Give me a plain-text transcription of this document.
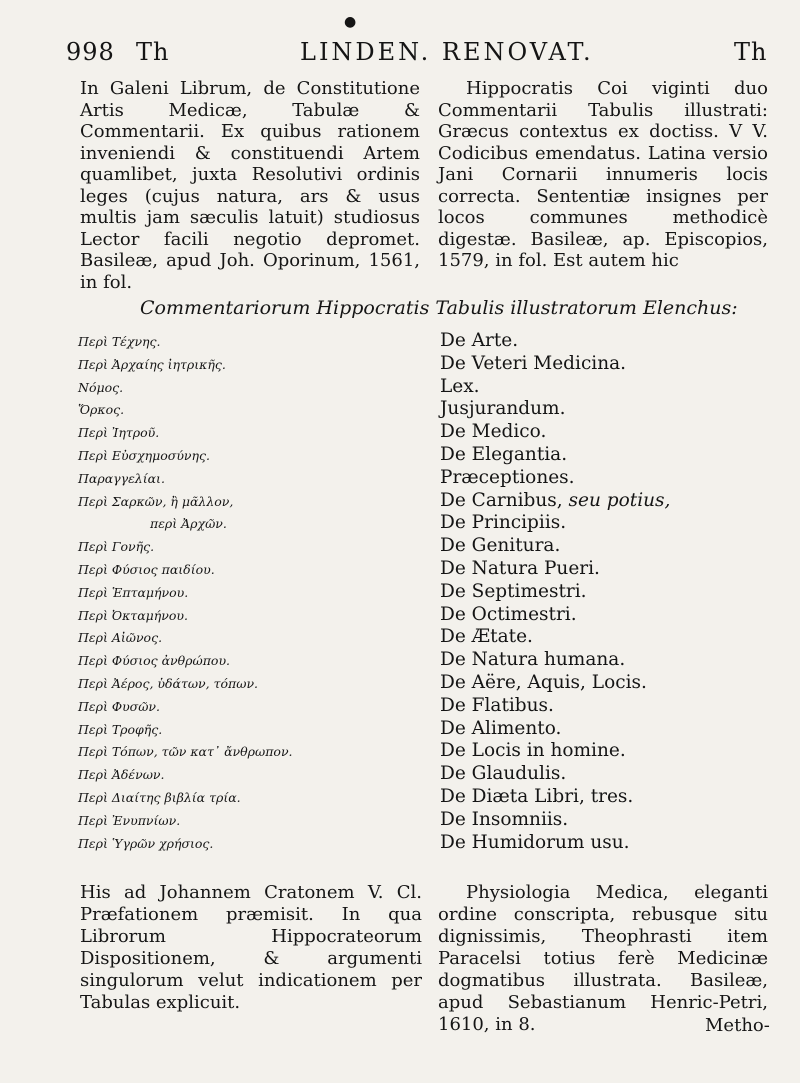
●
998 Th	LINDEN. RENOVAT.	Th

In Galeni Librum, de Constitutione Artis Medicæ, Tabulæ & Commentarii. Ex quibus rationem inveniendi & constituendi Artem quamlibet, juxta Resolutivi ordinis leges (cujus natura, ars & usus multis jam sæculis latuit) studiosus Lector facili negotio depromet. Basileæ, apud Joh. Oporinum, 1561, in fol.

Hippocratis Coi viginti duo Commentarii Tabulis illustrati: Græcus contextus ex doctiss. V V. Codicibus emendatus. Latina versio Jani Cornarii innumeris locis correcta. Sententiæ insignes per locos communes methodicè digestæ. Basileæ, ap. Episcopios, 1579, in fol. Est autem hic

Commentariorum Hippocratis Tabulis illustratorum Elenchus:
Περὶ Τέχνης.	De Arte.
Περὶ Ἀρχαίης ἰητρικῆς.	De Veteri Medicina.
Νόμος.	Lex.
Ὅρκος.	Jusjurandum.
Περὶ Ἰητροῦ.	De Medico.
Περὶ Εὐσχημοσύνης.	De Elegantia.
Παραγγελίαι.	Præceptiones.
Περὶ Σαρκῶν, ἢ μᾶλλον,	De Carnibus, seu potius,
περὶ Ἀρχῶν.	De Principiis.
Περὶ Γονῆς.	De Genitura.
Περὶ Φύσιος παιδίου.	De Natura Pueri.
Περὶ Ἑπταμήνου.	De Septimestri.
Περὶ Ὀκταμήνου.	De Octimestri.
Περὶ Αἰῶνος.	De Ætate.
Περὶ Φύσιος ἀνθρώπου.	De Natura humana.
Περὶ Ἀέρος, ὑδάτων, τόπων.	De Aëre, Aquis, Locis.
Περὶ Φυσῶν.	De Flatibus.
Περὶ Τροφῆς.	De Alimento.
Περὶ Τόπων, τῶν κατ᾽ ἄνθρωπον.	De Locis in homine.
Περὶ Ἀδένων.	De Glaudulis.
Περὶ Διαίτης βιβλία τρία.	De Diæta Libri, tres.
Περὶ Ἐνυπνίων.	De Insomniis.
Περὶ Ὑγρῶν χρήσιος.	De Humidorum usu.

His ad Johannem Cratonem V. Cl. Præfationem præmisit. In qua Librorum Hippocrateorum Dispositionem, & argumenti singulorum velut indicationem per Tabulas explicuit.

Physiologia Medica, eleganti ordine conscripta, rebusque situ dignissimis, Theophrasti item Paracelsi totius ferè Medicinæ dogmatibus illustrata. Basileæ, apud Sebastianum Henric-Petri, 1610, in 8.	Metho-
